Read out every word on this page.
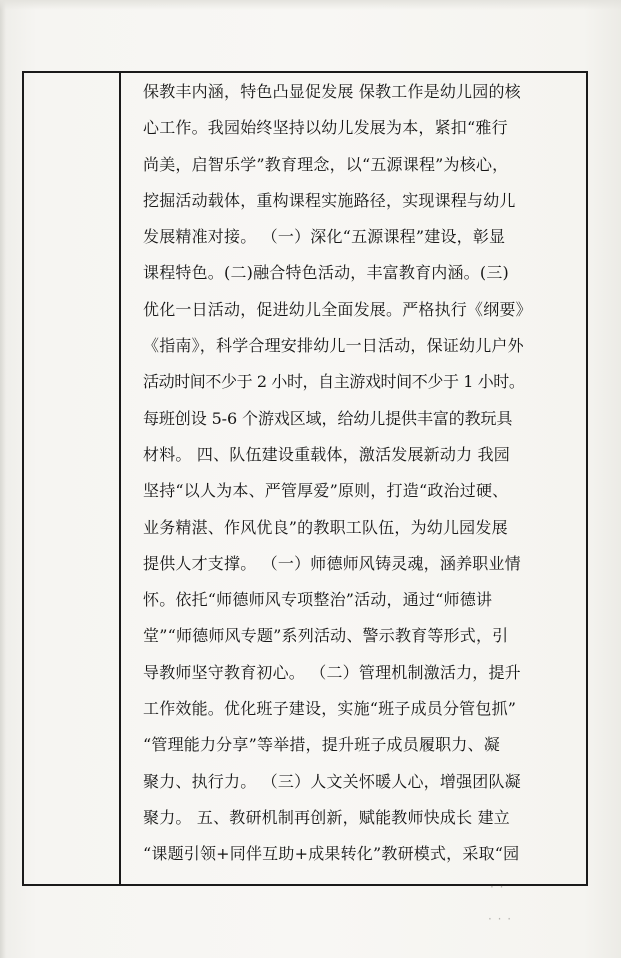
保教丰内涵，特色凸显促发展 保教工作是幼儿园的核
心工作。我园始终坚持以幼儿发展为本，紧扣“雅行
尚美，启智乐学”教育理念，以“五源课程”为核心，
挖掘活动载体，重构课程实施路径，实现课程与幼儿
发展精准对接。 （一）深化“五源课程”建设，彰显
课程特色。(二)融合特色活动，丰富教育内涵。(三)
优化一日活动，促进幼儿全面发展。严格执行《纲要》
《指南》，科学合理安排幼儿一日活动，保证幼儿户外
活动时间不少于 2 小时，自主游戏时间不少于 1 小时。
每班创设 5-6 个游戏区域，给幼儿提供丰富的教玩具
材料。 四、队伍建设重载体，激活发展新动力 我园
坚持“以人为本、严管厚爱”原则，打造“政治过硬、
业务精湛、作风优良”的教职工队伍，为幼儿园发展
提供人才支撑。 （一）师德师风铸灵魂，涵养职业情
怀。依托“师德师风专项整治”活动，通过“师德讲
堂”“师德师风专题”系列活动、警示教育等形式，引
导教师坚守教育初心。 （二）管理机制激活力，提升
工作效能。优化班子建设，实施“班子成员分管包抓”
“管理能力分享”等举措，提升班子成员履职力、凝
聚力、执行力。 （三）人文关怀暖人心，增强团队凝
聚力。 五、教研机制再创新，赋能教师快成长 建立
“课题引领+同伴互助+成果转化”教研模式，采取“园
· ·
· · ·
